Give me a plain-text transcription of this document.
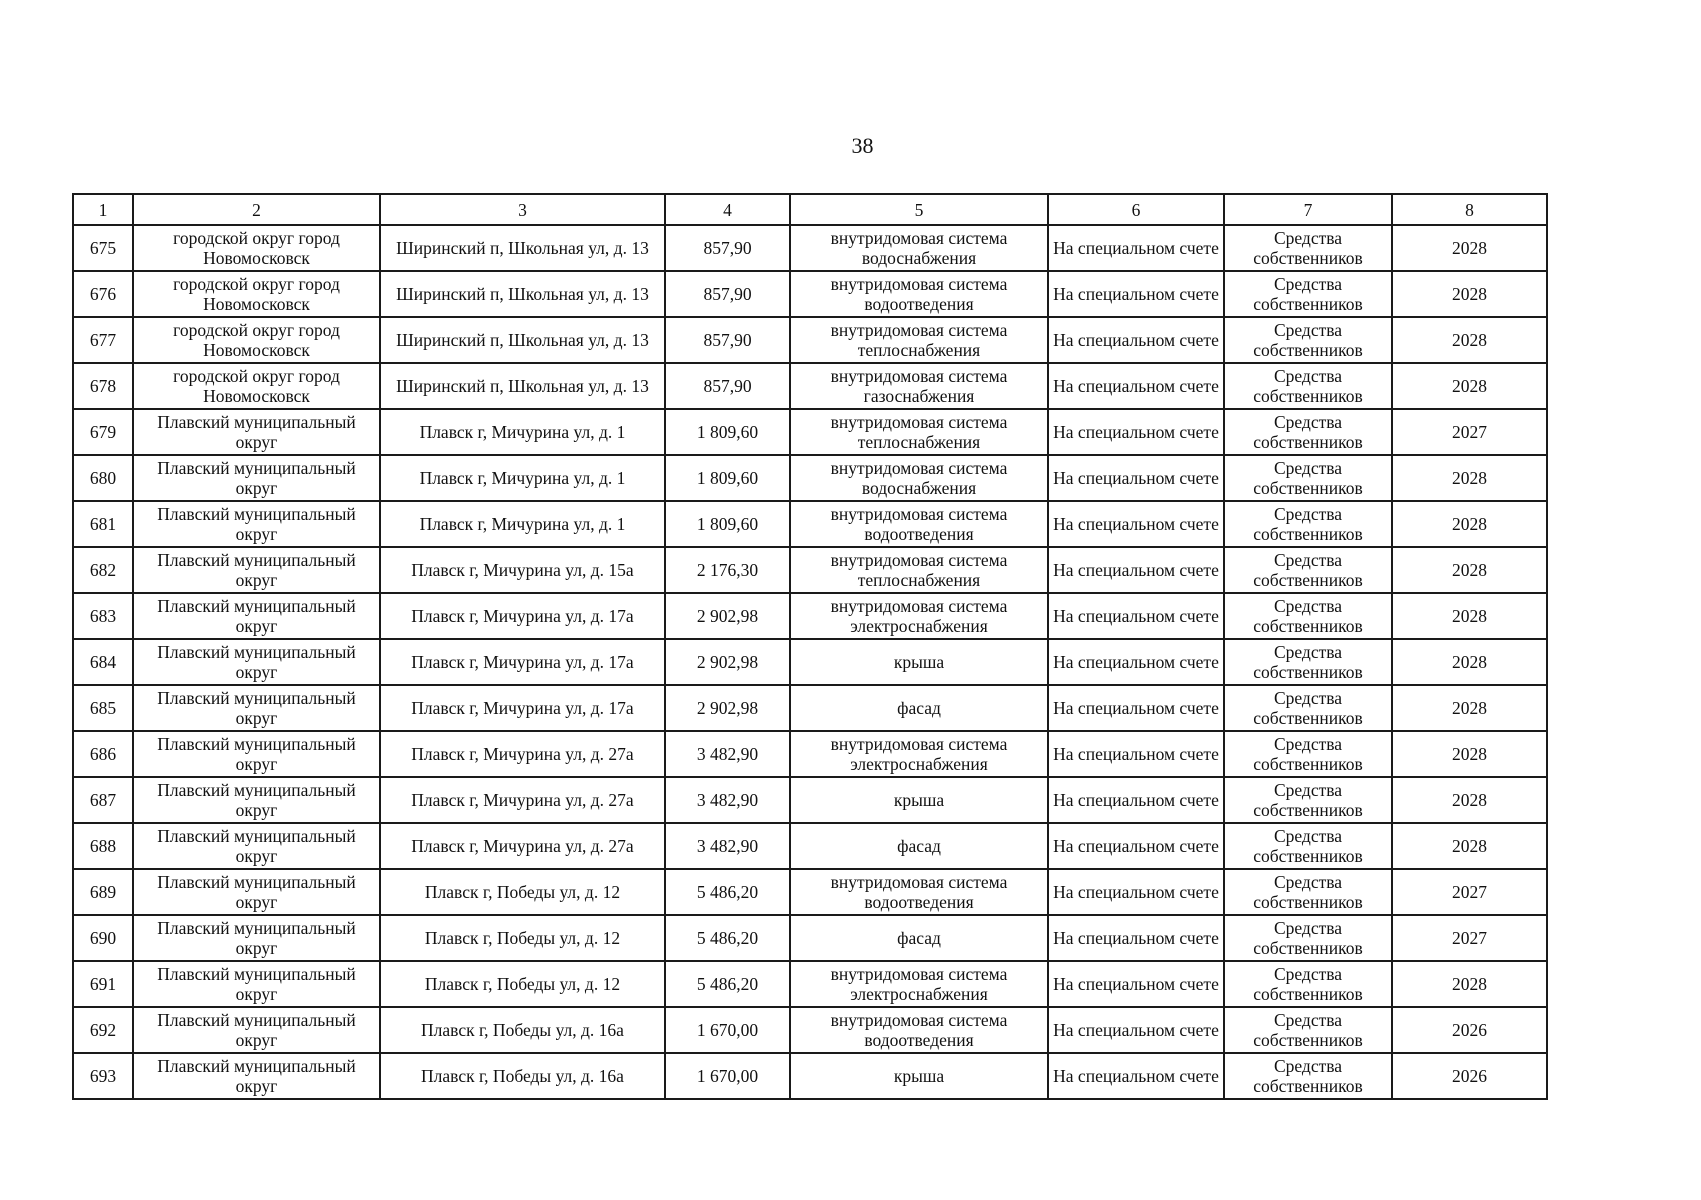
38
1	2	3	4	5	6	7	8
675	городской округ город Новомосковск	Ширинский п, Школьная ул, д. 13	857,90	внутридомовая система водоснабжения	На специальном счете	Средства собственников	2028
676	городской округ город Новомосковск	Ширинский п, Школьная ул, д. 13	857,90	внутридомовая система водоотведения	На специальном счете	Средства собственников	2028
677	городской округ город Новомосковск	Ширинский п, Школьная ул, д. 13	857,90	внутридомовая система теплоснабжения	На специальном счете	Средства собственников	2028
678	городской округ город Новомосковск	Ширинский п, Школьная ул, д. 13	857,90	внутридомовая система газоснабжения	На специальном счете	Средства собственников	2028
679	Плавский муниципальный округ	Плавск г, Мичурина ул, д. 1	1 809,60	внутридомовая система теплоснабжения	На специальном счете	Средства собственников	2027
680	Плавский муниципальный округ	Плавск г, Мичурина ул, д. 1	1 809,60	внутридомовая система водоснабжения	На специальном счете	Средства собственников	2028
681	Плавский муниципальный округ	Плавск г, Мичурина ул, д. 1	1 809,60	внутридомовая система водоотведения	На специальном счете	Средства собственников	2028
682	Плавский муниципальный округ	Плавск г, Мичурина ул, д. 15а	2 176,30	внутридомовая система теплоснабжения	На специальном счете	Средства собственников	2028
683	Плавский муниципальный округ	Плавск г, Мичурина ул, д. 17а	2 902,98	внутридомовая система электроснабжения	На специальном счете	Средства собственников	2028
684	Плавский муниципальный округ	Плавск г, Мичурина ул, д. 17а	2 902,98	крыша	На специальном счете	Средства собственников	2028
685	Плавский муниципальный округ	Плавск г, Мичурина ул, д. 17а	2 902,98	фасад	На специальном счете	Средства собственников	2028
686	Плавский муниципальный округ	Плавск г, Мичурина ул, д. 27а	3 482,90	внутридомовая система электроснабжения	На специальном счете	Средства собственников	2028
687	Плавский муниципальный округ	Плавск г, Мичурина ул, д. 27а	3 482,90	крыша	На специальном счете	Средства собственников	2028
688	Плавский муниципальный округ	Плавск г, Мичурина ул, д. 27а	3 482,90	фасад	На специальном счете	Средства собственников	2028
689	Плавский муниципальный округ	Плавск г, Победы ул, д. 12	5 486,20	внутридомовая система водоотведения	На специальном счете	Средства собственников	2027
690	Плавский муниципальный округ	Плавск г, Победы ул, д. 12	5 486,20	фасад	На специальном счете	Средства собственников	2027
691	Плавский муниципальный округ	Плавск г, Победы ул, д. 12	5 486,20	внутридомовая система электроснабжения	На специальном счете	Средства собственников	2028
692	Плавский муниципальный округ	Плавск г, Победы ул, д. 16а	1 670,00	внутридомовая система водоотведения	На специальном счете	Средства собственников	2026
693	Плавский муниципальный округ	Плавск г, Победы ул, д. 16а	1 670,00	крыша	На специальном счете	Средства собственников	2026
